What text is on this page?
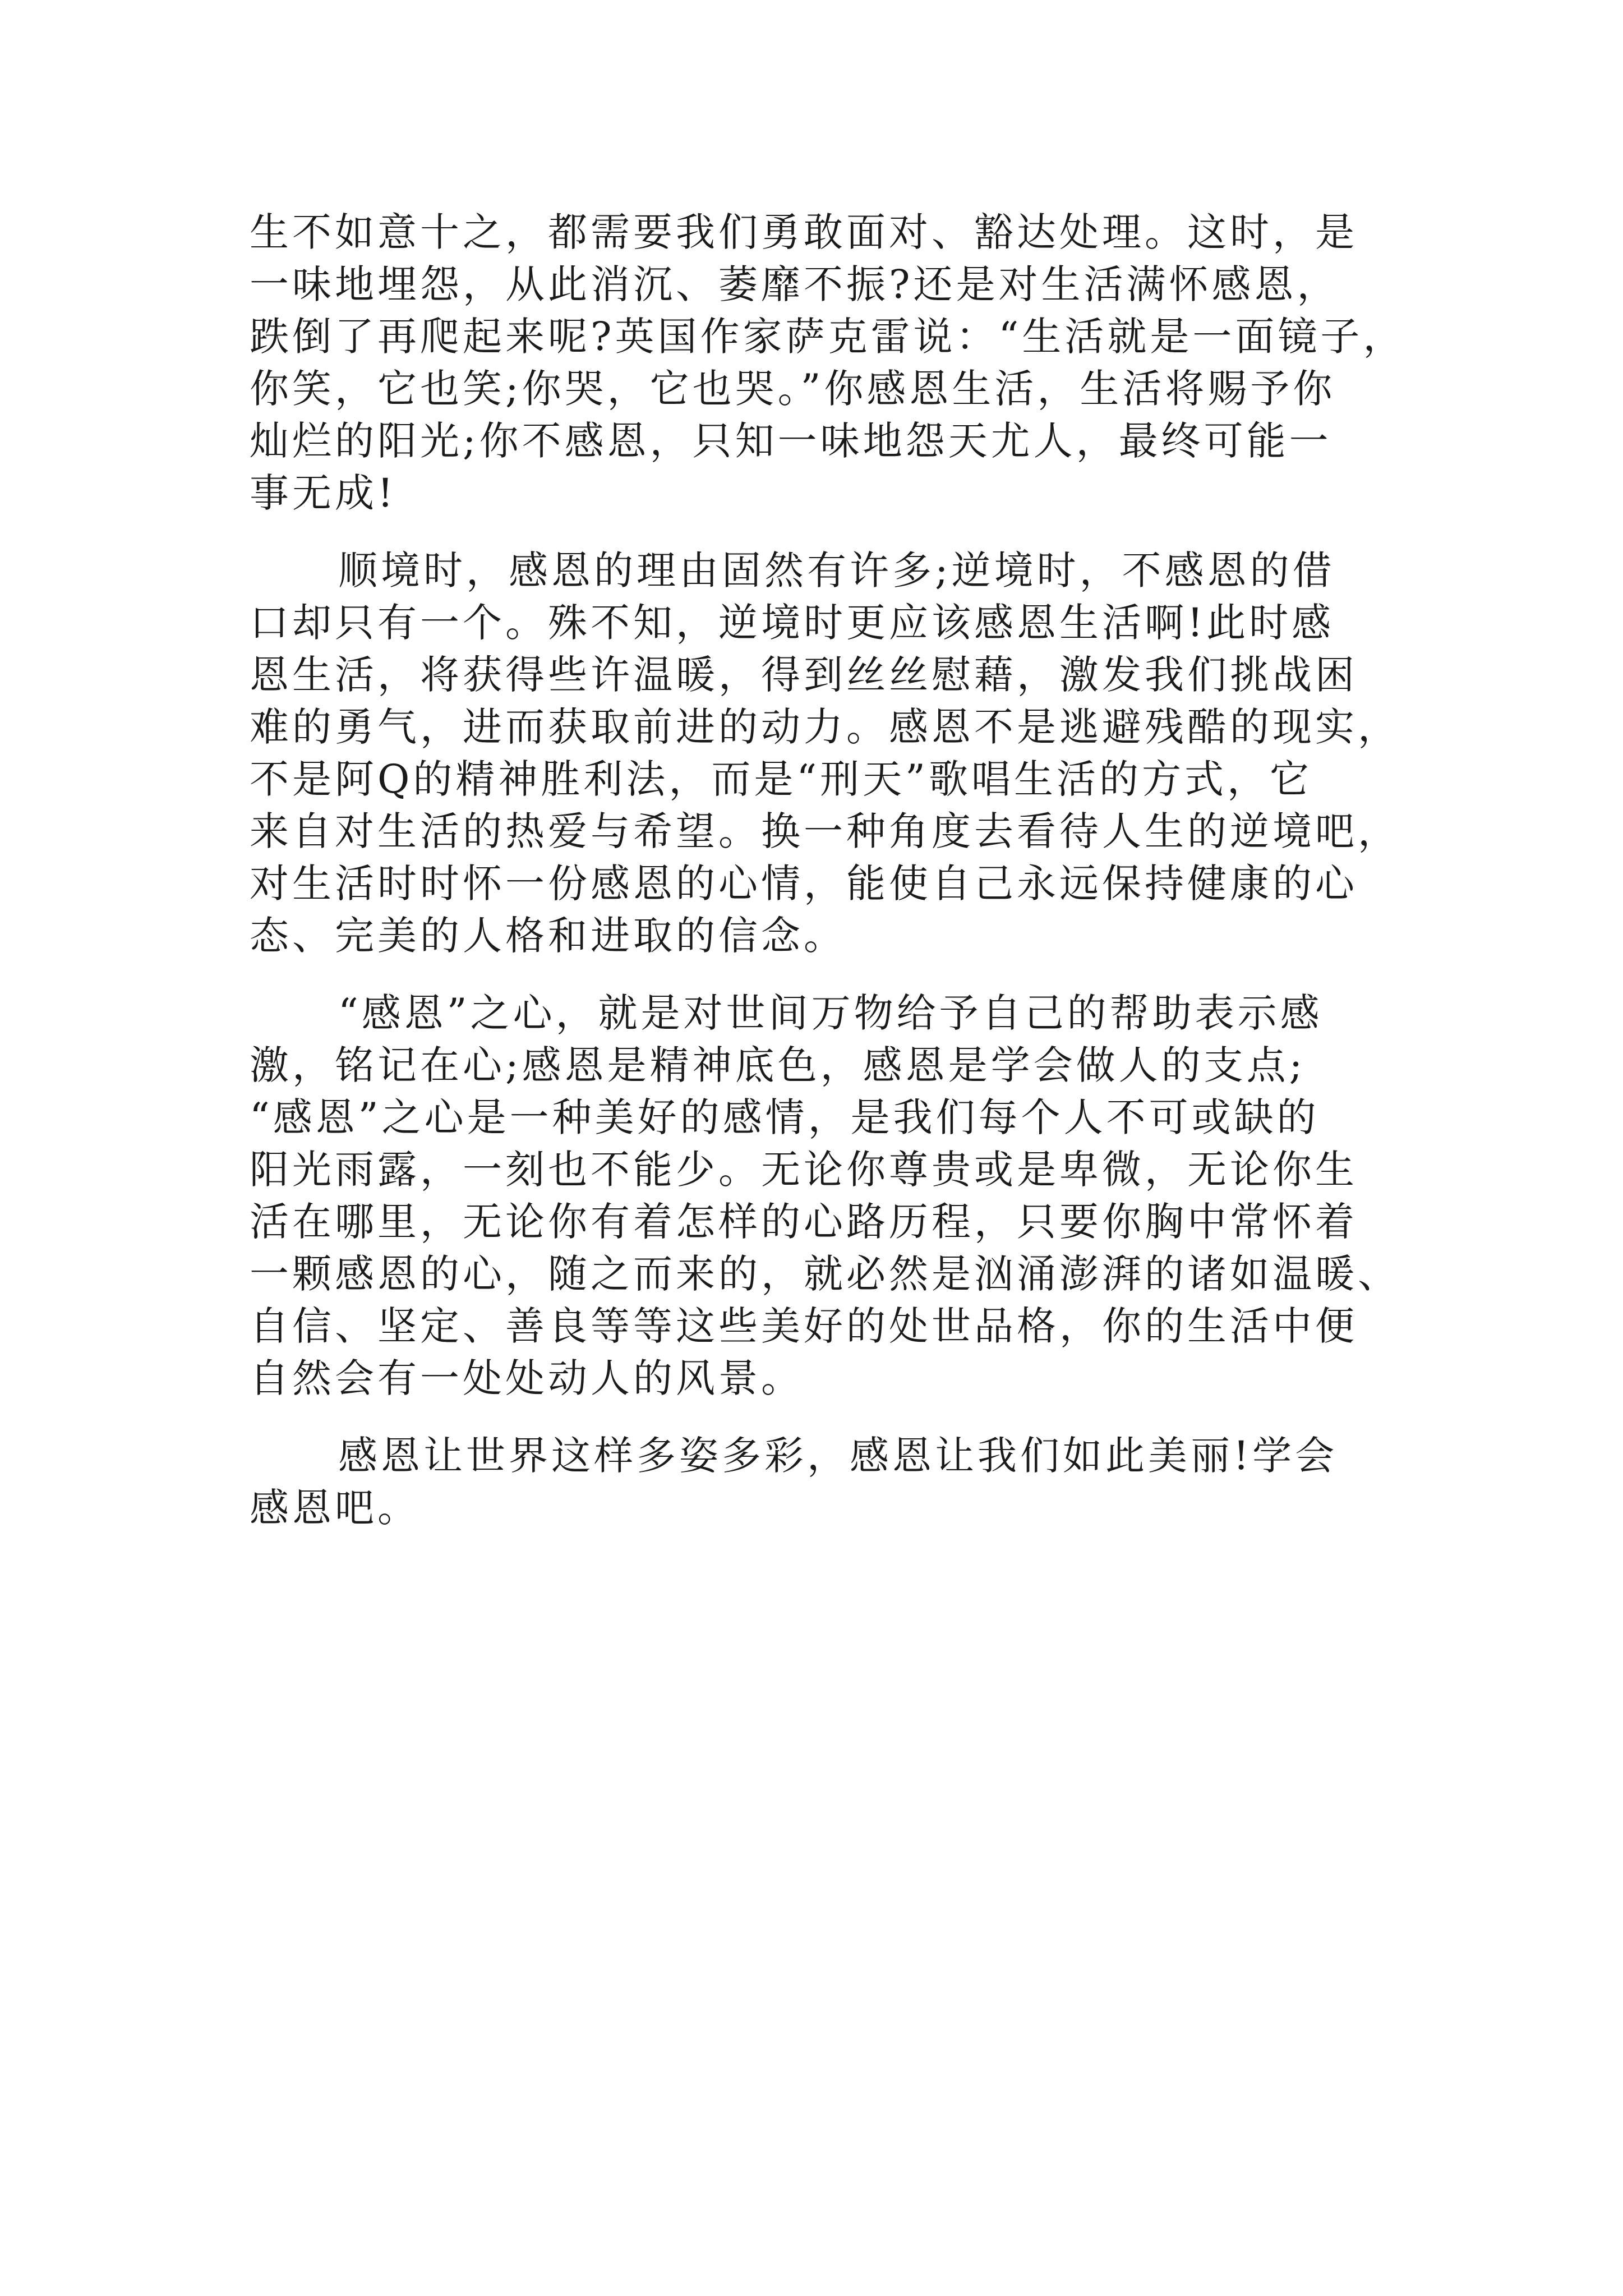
生不如意十之，都需要我们勇敢面对、豁达处理。这时，是
一味地埋怨，从此消沉、萎靡不振?还是对生活满怀感恩，
跌倒了再爬起来呢?英国作家萨克雷说：“生活就是一面镜子，
你笑，它也笑;你哭，它也哭。”你感恩生活，生活将赐予你
灿烂的阳光;你不感恩，只知一味地怨天尤人，最终可能一
事无成!
顺境时，感恩的理由固然有许多;逆境时，不感恩的借
口却只有一个。殊不知，逆境时更应该感恩生活啊!此时感
恩生活，将获得些许温暖，得到丝丝慰藉，激发我们挑战困
难的勇气，进而获取前进的动力。感恩不是逃避残酷的现实，
不是阿Q的精神胜利法，而是“刑天”歌唱生活的方式，它
来自对生活的热爱与希望。换一种角度去看待人生的逆境吧，
对生活时时怀一份感恩的心情，能使自己永远保持健康的心
态、完美的人格和进取的信念。
“感恩”之心，就是对世间万物给予自己的帮助表示感
激，铭记在心;感恩是精神底色，感恩是学会做人的支点;
“感恩”之心是一种美好的感情，是我们每个人不可或缺的
阳光雨露，一刻也不能少。无论你尊贵或是卑微，无论你生
活在哪里，无论你有着怎样的心路历程，只要你胸中常怀着
一颗感恩的心，随之而来的，就必然是汹涌澎湃的诸如温暖、
自信、坚定、善良等等这些美好的处世品格，你的生活中便
自然会有一处处动人的风景。
感恩让世界这样多姿多彩，感恩让我们如此美丽!学会
感恩吧。
